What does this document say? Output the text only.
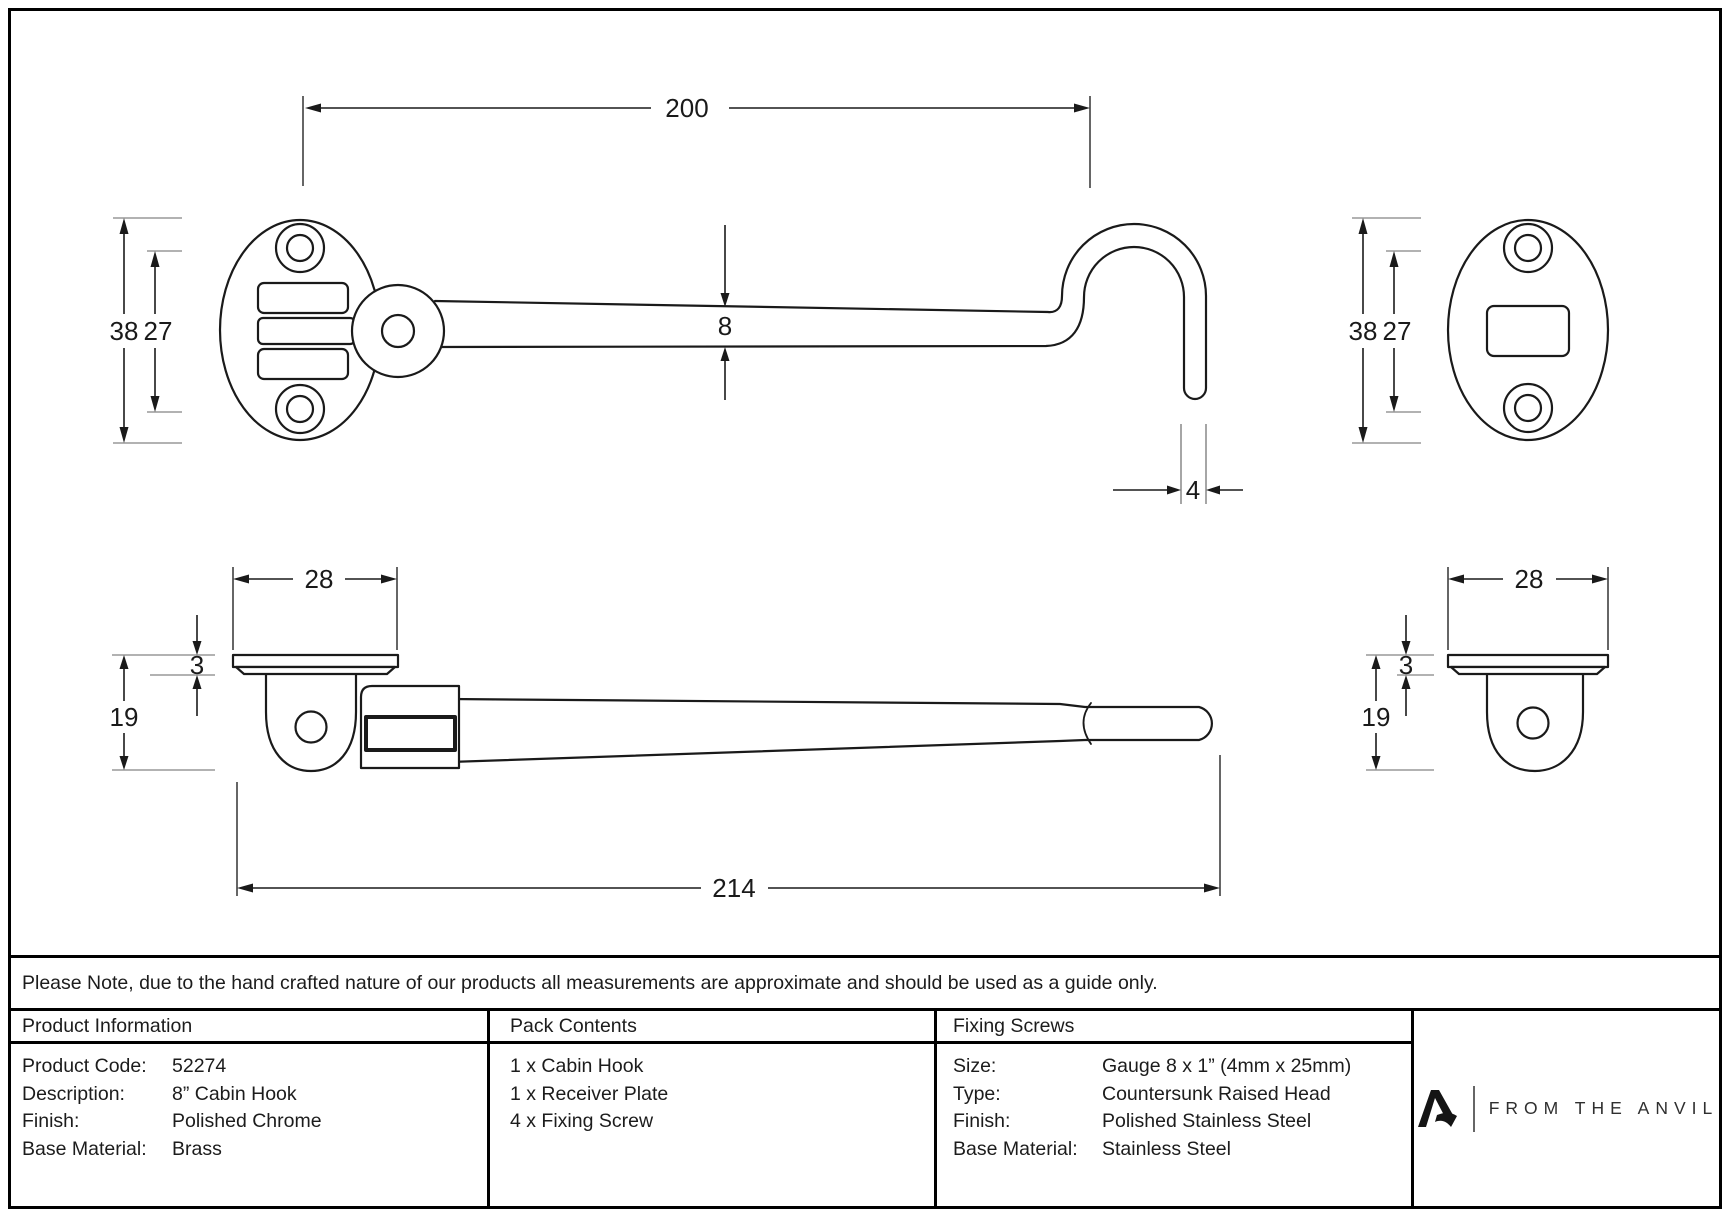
200
8
4
38 27	38 27
28
3
19
214
28
3
19
Please Note, due to the hand crafted nature of our products all measurements are approximate and should be used as a guide only.
Product Information	Pack Contents	Fixing Screws
FROM THE ANVIL
Product Code:	52274
Description:	8” Cabin Hook
Finish:	Polished Chrome
Base Material:	Brass
1 x Cabin Hook
1 x Receiver Plate
4 x Fixing Screw
Size:	Gauge 8 x 1” (4mm x 25mm)
Type:	Countersunk Raised Head
Finish:	Polished Stainless Steel
Base Material:	Stainless Steel
